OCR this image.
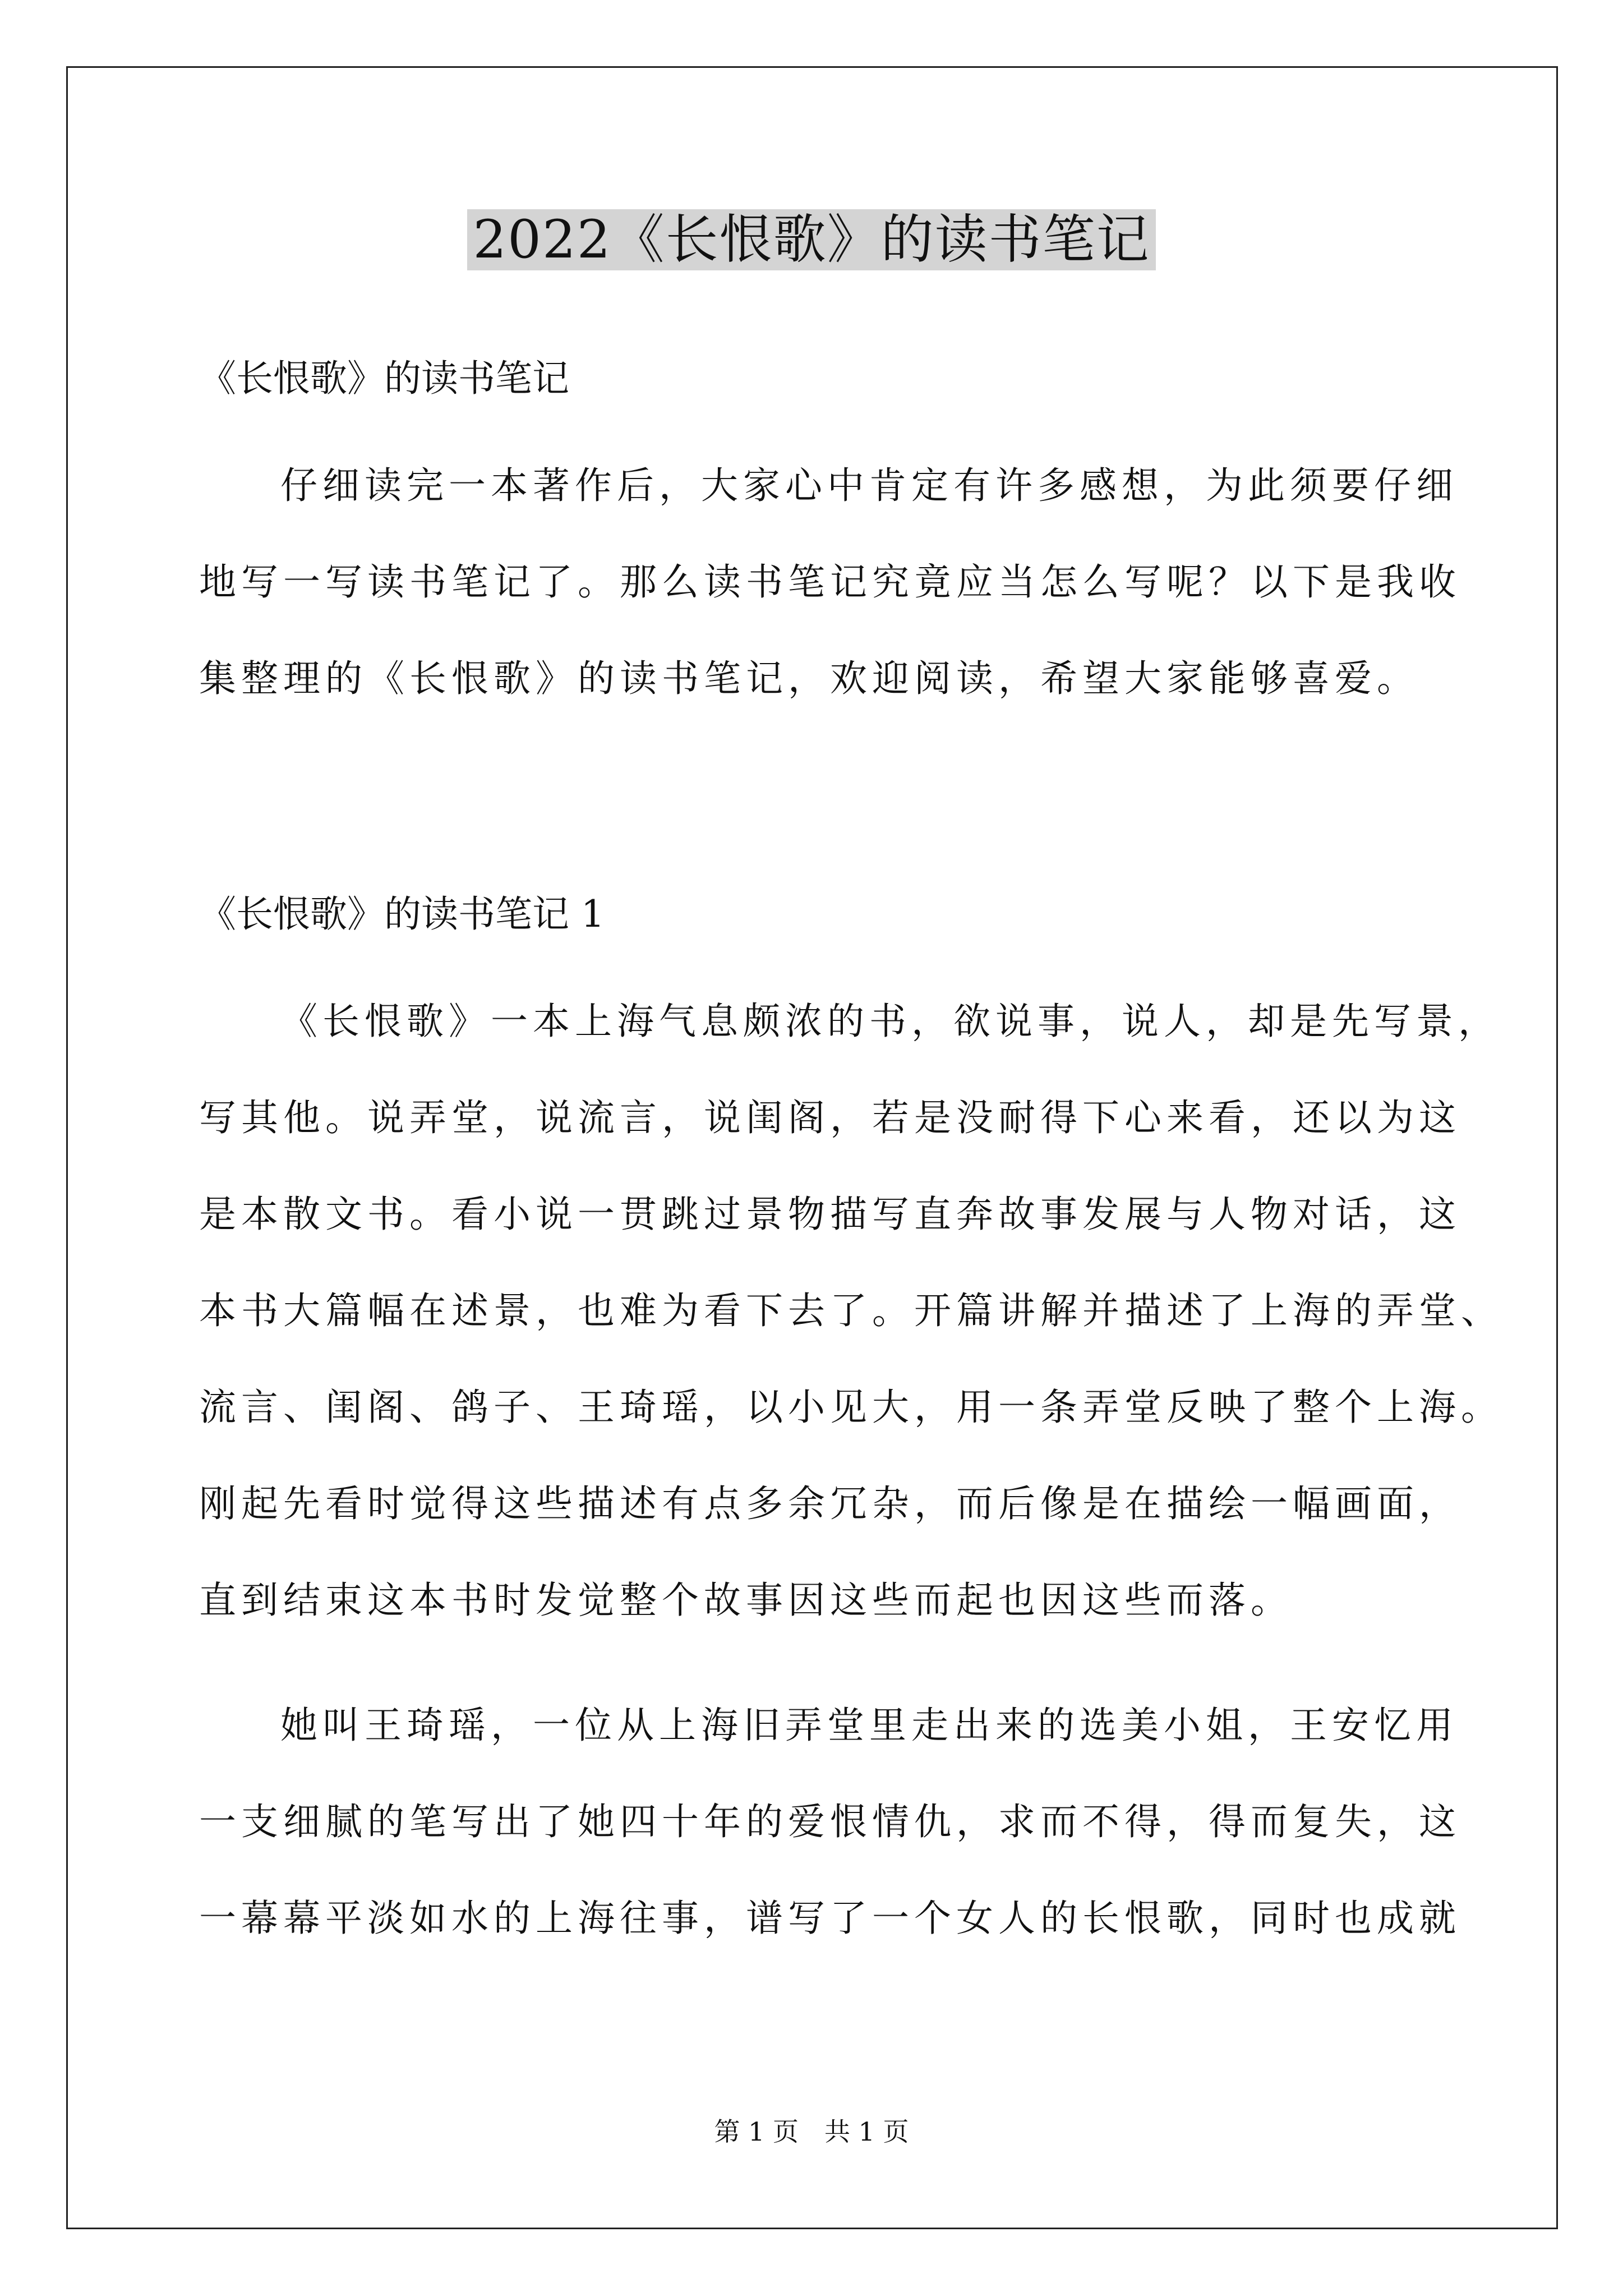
2022《长恨歌》的读书笔记
《长恨歌》的读书笔记
仔细读完一本著作后，大家心中肯定有许多感想，为此须要仔细
地写一写读书笔记了。那么读书笔记究竟应当怎么写呢？以下是我收
集整理的《长恨歌》的读书笔记，欢迎阅读，希望大家能够喜爱。
《长恨歌》的读书笔记 1
《长恨歌》一本上海气息颇浓的书，欲说事，说人，却是先写景，
写其他。说弄堂，说流言，说闺阁，若是没耐得下心来看，还以为这
是本散文书。看小说一贯跳过景物描写直奔故事发展与人物对话，这
本书大篇幅在述景，也难为看下去了。开篇讲解并描述了上海的弄堂、
流言、闺阁、鸽子、王琦瑶，以小见大，用一条弄堂反映了整个上海。
刚起先看时觉得这些描述有点多余冗杂，而后像是在描绘一幅画面，
直到结束这本书时发觉整个故事因这些而起也因这些而落。
她叫王琦瑶，一位从上海旧弄堂里走出来的选美小姐，王安忆用
一支细腻的笔写出了她四十年的爱恨情仇，求而不得，得而复失，这
一幕幕平淡如水的上海往事，谱写了一个女人的长恨歌，同时也成就
第 1 页　共 1 页
